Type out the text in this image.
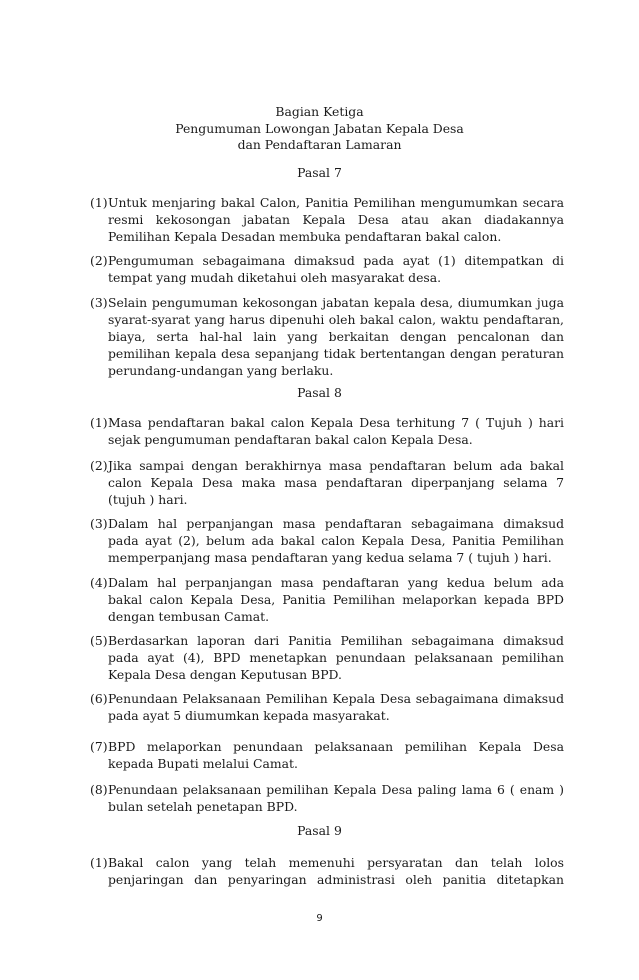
Bagian Ketiga
Pengumuman Lowongan Jabatan Kepala Desa
dan Pendaftaran Lamaran
Pasal 7
(1) Untuk menjaring bakal Calon, Panitia Pemilihan mengumumkan secara resmi kekosongan jabatan Kepala Desa atau akan diadakannya Pemilihan Kepala Desadan membuka pendaftaran bakal calon.
(2) Pengumuman sebagaimana dimaksud pada ayat (1) ditempatkan di tempat yang mudah diketahui oleh masyarakat desa.
(3) Selain pengumuman kekosongan jabatan kepala desa, diumumkan juga syarat-syarat yang harus dipenuhi oleh bakal calon, waktu pendaftaran, biaya, serta hal-hal lain yang berkaitan dengan pencalonan dan pemilihan kepala desa sepanjang tidak bertentangan dengan peraturan perundang-undangan yang berlaku.
Pasal 8
(1) Masa pendaftaran bakal calon Kepala Desa terhitung 7 ( Tujuh ) hari sejak pengumuman pendaftaran bakal calon Kepala Desa.
(2) Jika sampai dengan berakhirnya masa pendaftaran belum ada bakal calon Kepala Desa maka masa pendaftaran diperpanjang selama 7 (tujuh ) hari.
(3) Dalam hal perpanjangan masa pendaftaran sebagaimana dimaksud pada ayat (2), belum ada bakal calon Kepala Desa, Panitia Pemilihan memperpanjang masa pendaftaran yang kedua selama 7 ( tujuh ) hari.
(4) Dalam hal perpanjangan masa pendaftaran yang kedua belum ada bakal calon Kepala Desa, Panitia Pemilihan melaporkan kepada BPD dengan tembusan Camat.
(5) Berdasarkan laporan dari Panitia Pemilihan sebagaimana dimaksud pada ayat (4), BPD menetapkan penundaan pelaksanaan pemilihan Kepala Desa dengan Keputusan BPD.
(6) Penundaan Pelaksanaan Pemilihan Kepala Desa sebagaimana dimaksud pada ayat 5 diumumkan kepada masyarakat.
(7) BPD melaporkan penundaan pelaksanaan pemilihan Kepala Desa kepada Bupati melalui Camat.
(8) Penundaan pelaksanaan pemilihan Kepala Desa paling lama 6 ( enam ) bulan setelah penetapan BPD.
Pasal 9
(1) Bakal calon yang telah memenuhi persyaratan dan telah lolos penjaringan dan penyaringan administrasi oleh panitia ditetapkan
9
